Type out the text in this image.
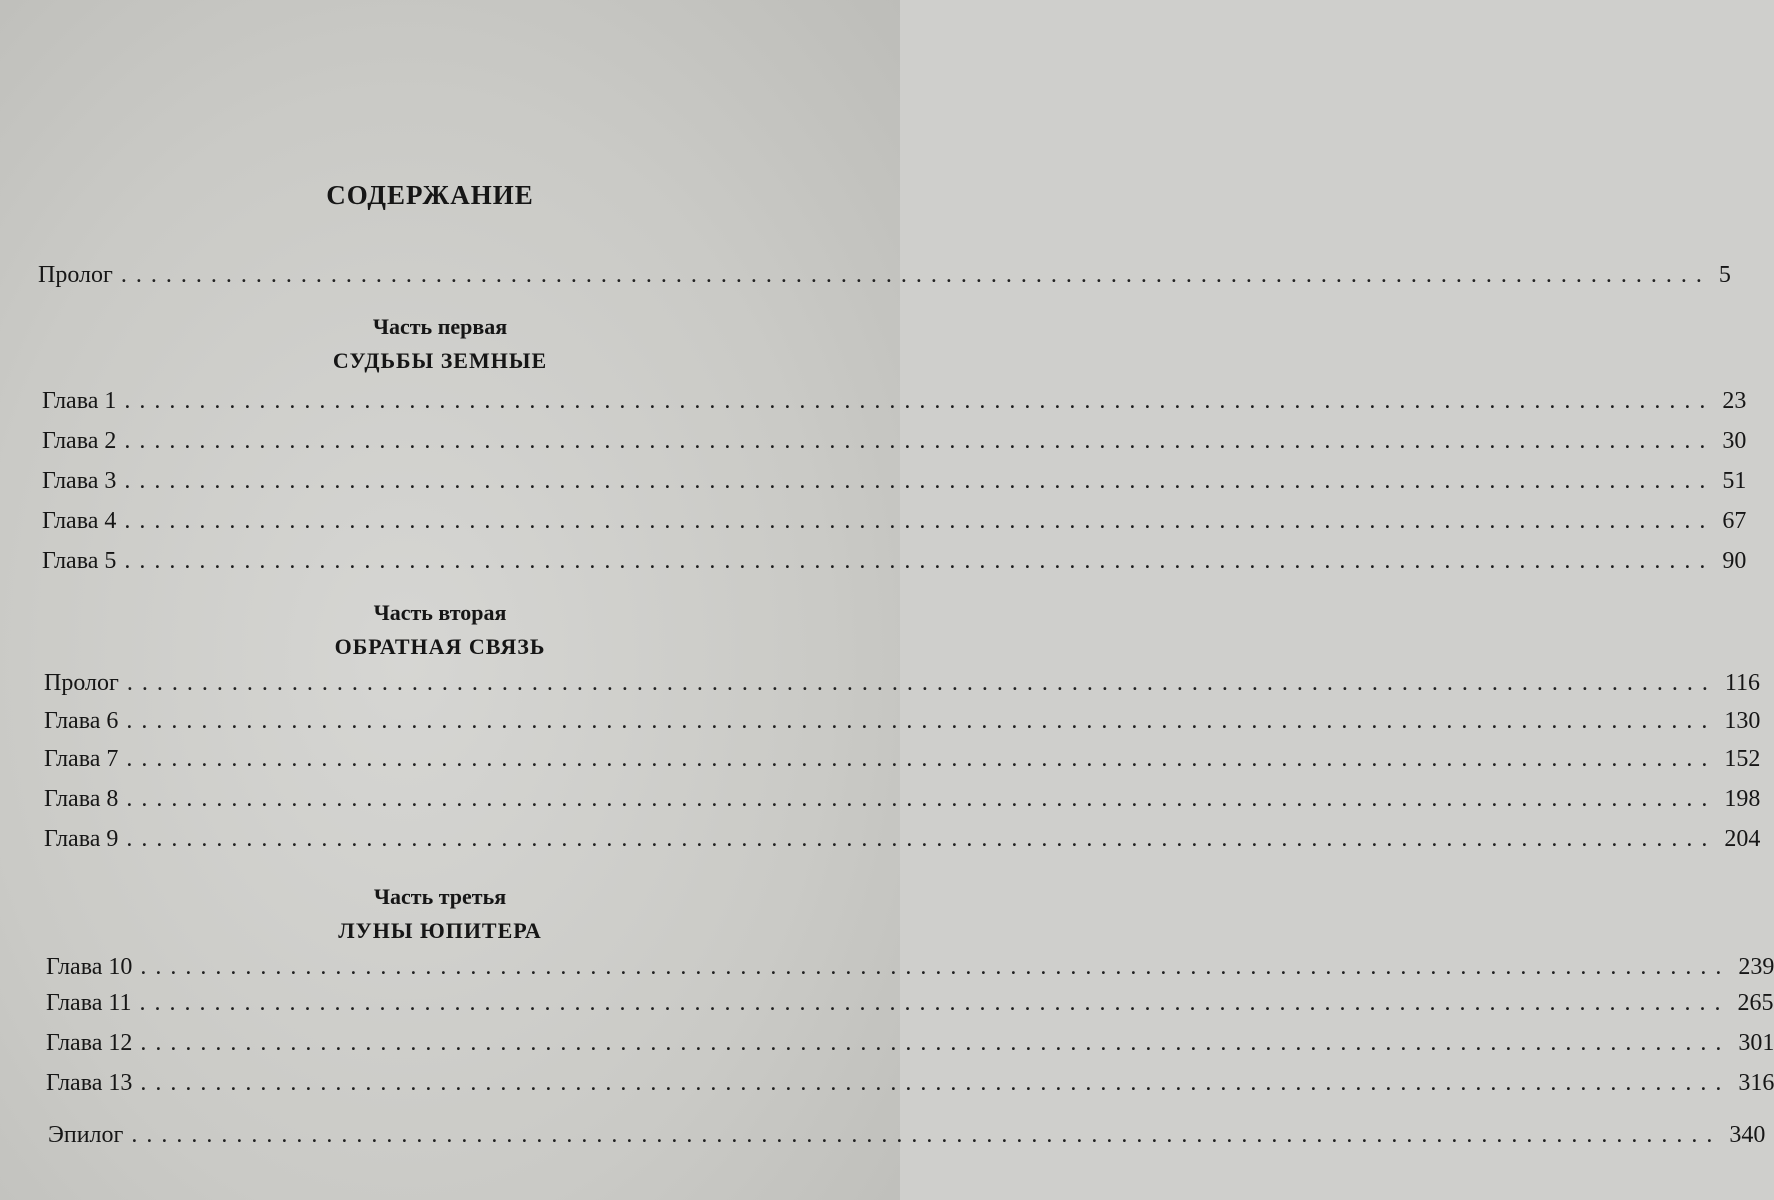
СОДЕРЖАНИЕ
Пролог .......................................................................................................... 5
Часть первая
СУДЬБЫ ЗЕМНЫЕ
Глава 1 .......................................................................................................... 23
Глава 2 .......................................................................................................... 30
Глава 3 .......................................................................................................... 51
Глава 4 .......................................................................................................... 67
Глава 5 .......................................................................................................... 90
Часть вторая
ОБРАТНАЯ СВЯЗЬ
Пролог .......................................................................................................... 116
Глава 6 .......................................................................................................... 130
Глава 7 .......................................................................................................... 152
Глава 8 .......................................................................................................... 198
Глава 9 .......................................................................................................... 204
Часть третья
ЛУНЫ ЮПИТЕРА
Глава 10 .......................................................................................................... 239
Глава 11 .......................................................................................................... 265
Глава 12 .......................................................................................................... 301
Глава 13 .......................................................................................................... 316
Эпилог .......................................................................................................... 340
